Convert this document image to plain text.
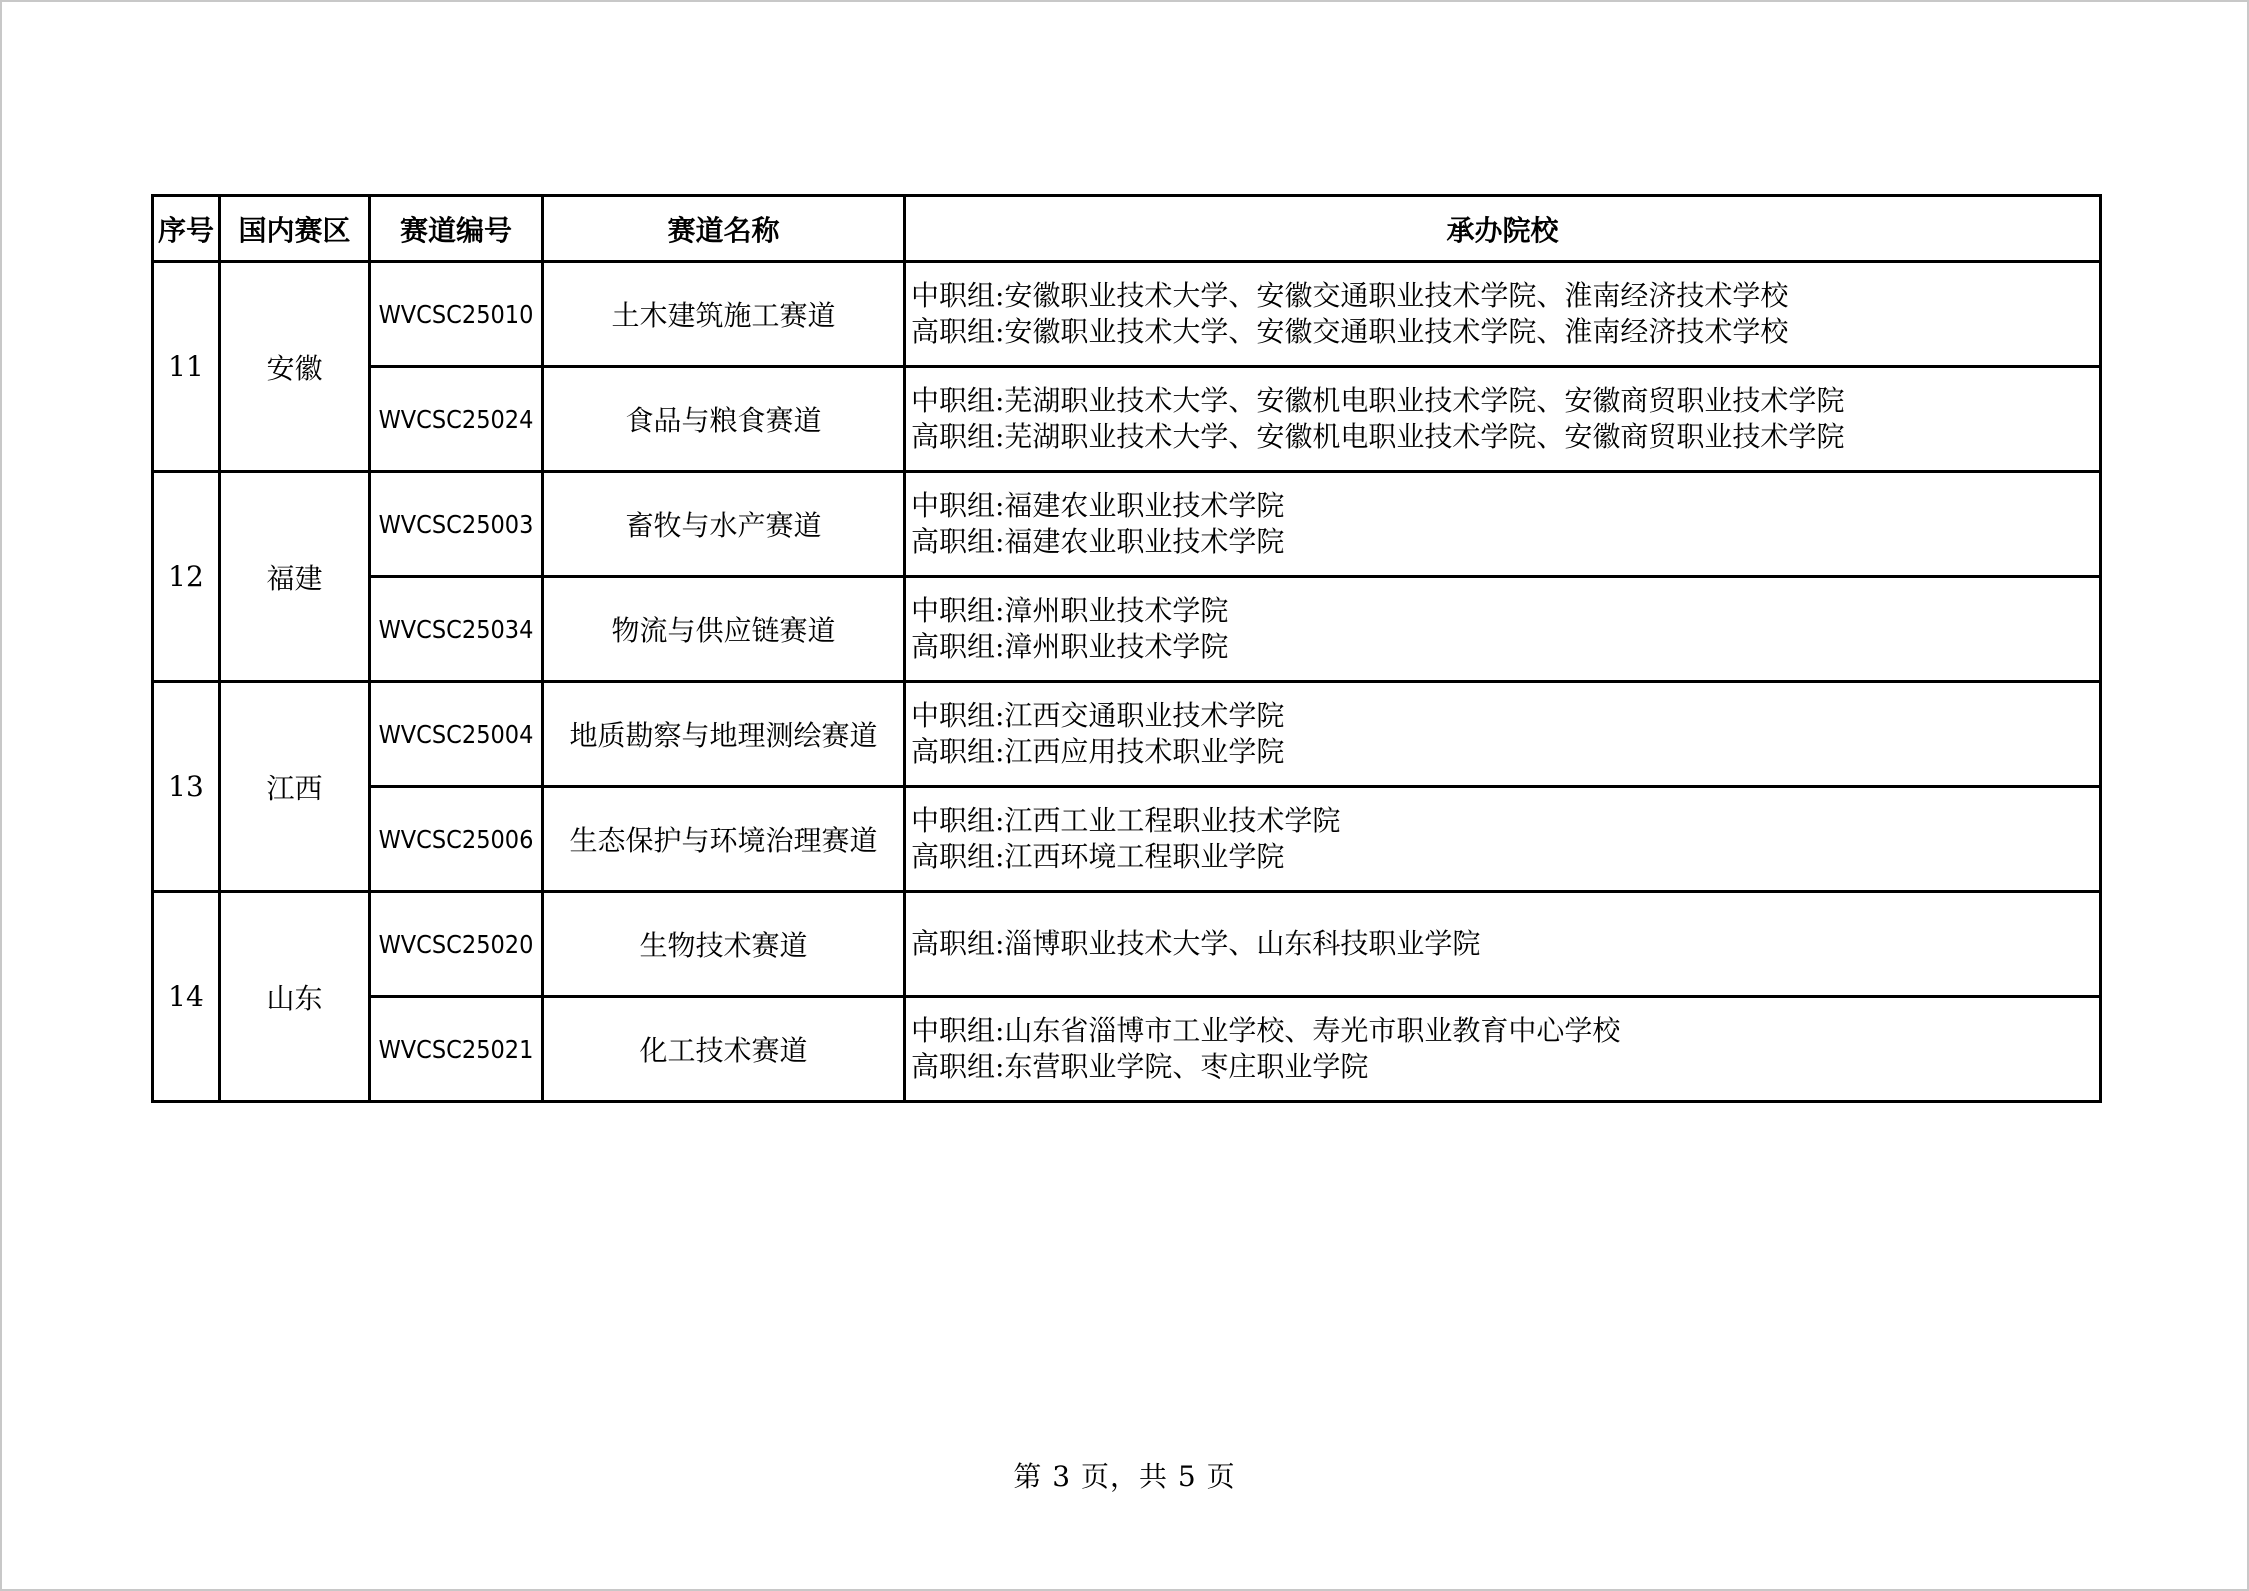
序号	国内赛区	赛道编号	赛道名称	承办院校
11	安徽	WVCSC25010	土木建筑施工赛道	中职组:安徽职业技术大学、安徽交通职业技术学院、淮南经济技术学校
高职组:安徽职业技术大学、安徽交通职业技术学院、淮南经济技术学校

		WVCSC25024	食品与粮食赛道	中职组:芜湖职业技术大学、安徽机电职业技术学院、安徽商贸职业技术学院
高职组:芜湖职业技术大学、安徽机电职业技术学院、安徽商贸职业技术学院

12	福建	WVCSC25003	畜牧与水产赛道	中职组:福建农业职业技术学院
高职组:福建农业职业技术学院

		WVCSC25034	物流与供应链赛道	中职组:漳州职业技术学院
高职组:漳州职业技术学院

13	江西	WVCSC25004	地质勘察与地理测绘赛道	中职组:江西交通职业技术学院
高职组:江西应用技术职业学院

		WVCSC25006	生态保护与环境治理赛道	中职组:江西工业工程职业技术学院
高职组:江西环境工程职业学院

14	山东	WVCSC25020	生物技术赛道	高职组:淄博职业技术大学、山东科技职业学院

		WVCSC25021	化工技术赛道	中职组:山东省淄博市工业学校、寿光市职业教育中心学校
高职组:东营职业学院、枣庄职业学院
第 3 页，共 5 页
